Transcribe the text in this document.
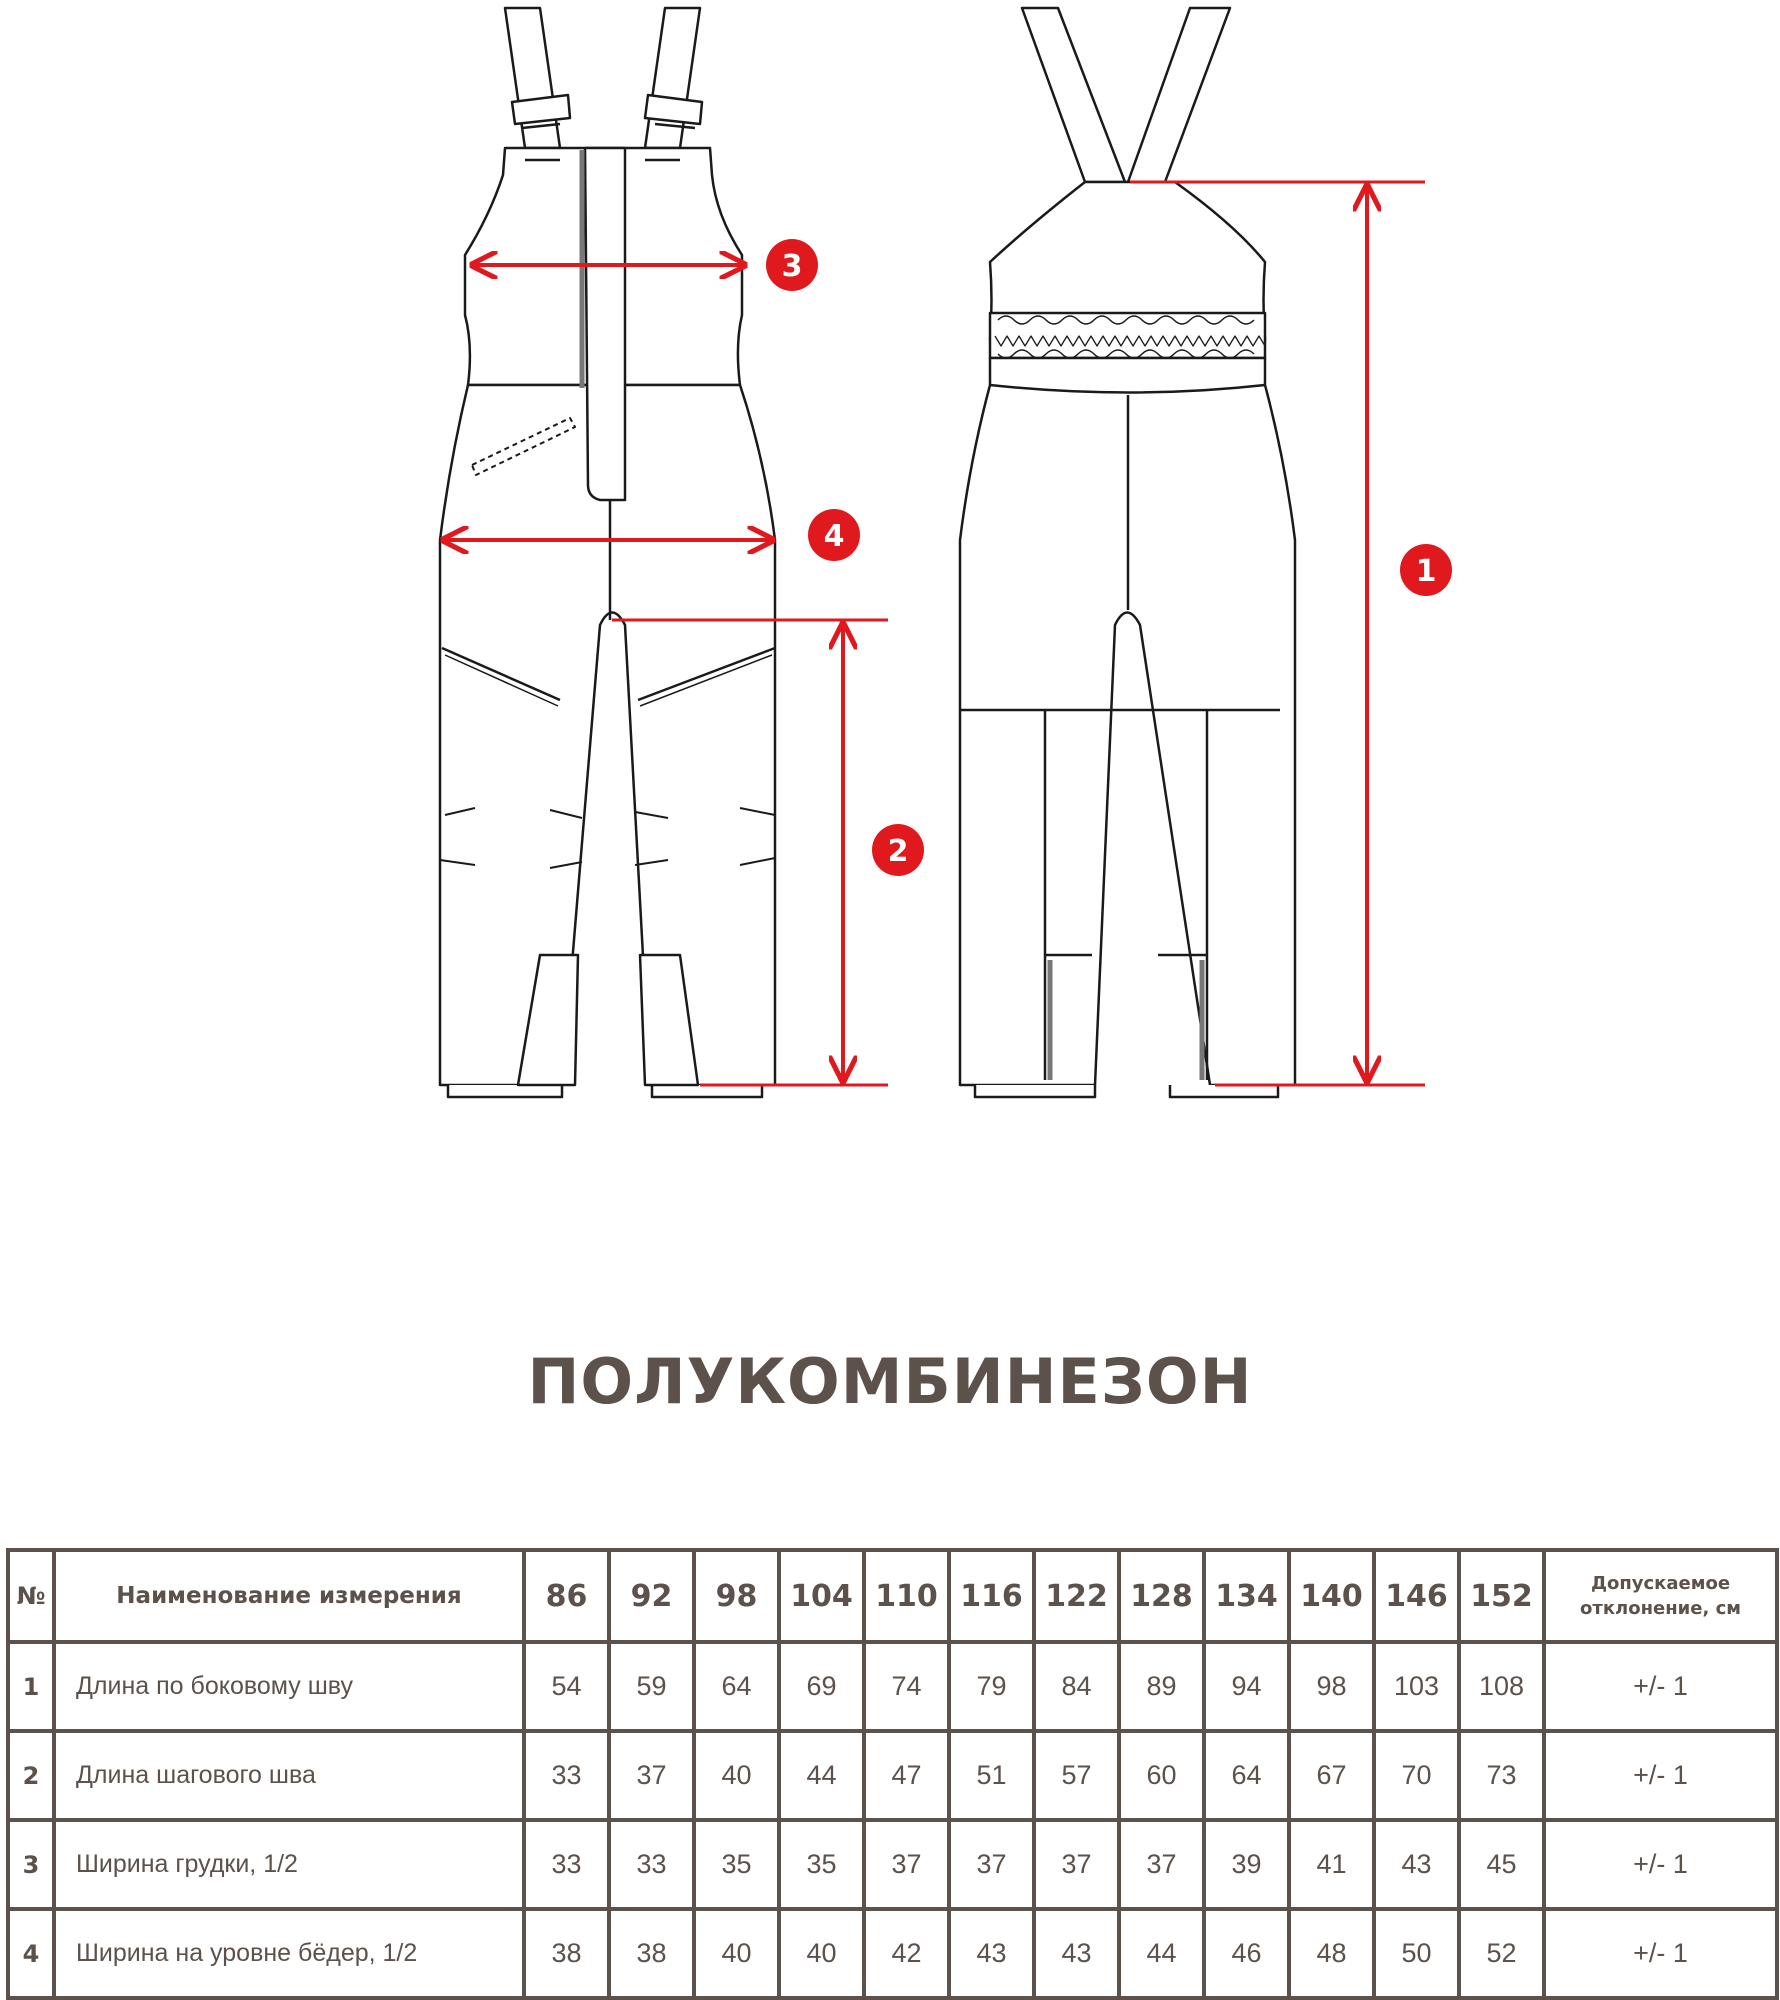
1
2
3
4
ПОЛУКОМБИНЕЗОН
№	Наименование измерения	86	92	98	104	110	116	122	128	134	140	146	152	Допускаемое
отклонение, см

1	Длина по боковому шву	54	59	64	69	74	79	84	89	94	98	103	108	+/- 1
2	Длина шагового шва	33	37	40	44	47	51	57	60	64	67	70	73	+/- 1
3	Ширина грудки, 1/2	33	33	35	35	37	37	37	37	39	41	43	45	+/- 1
4	Ширина на уровне бёдер, 1/2	38	38	40	40	42	43	43	44	46	48	50	52	+/- 1
